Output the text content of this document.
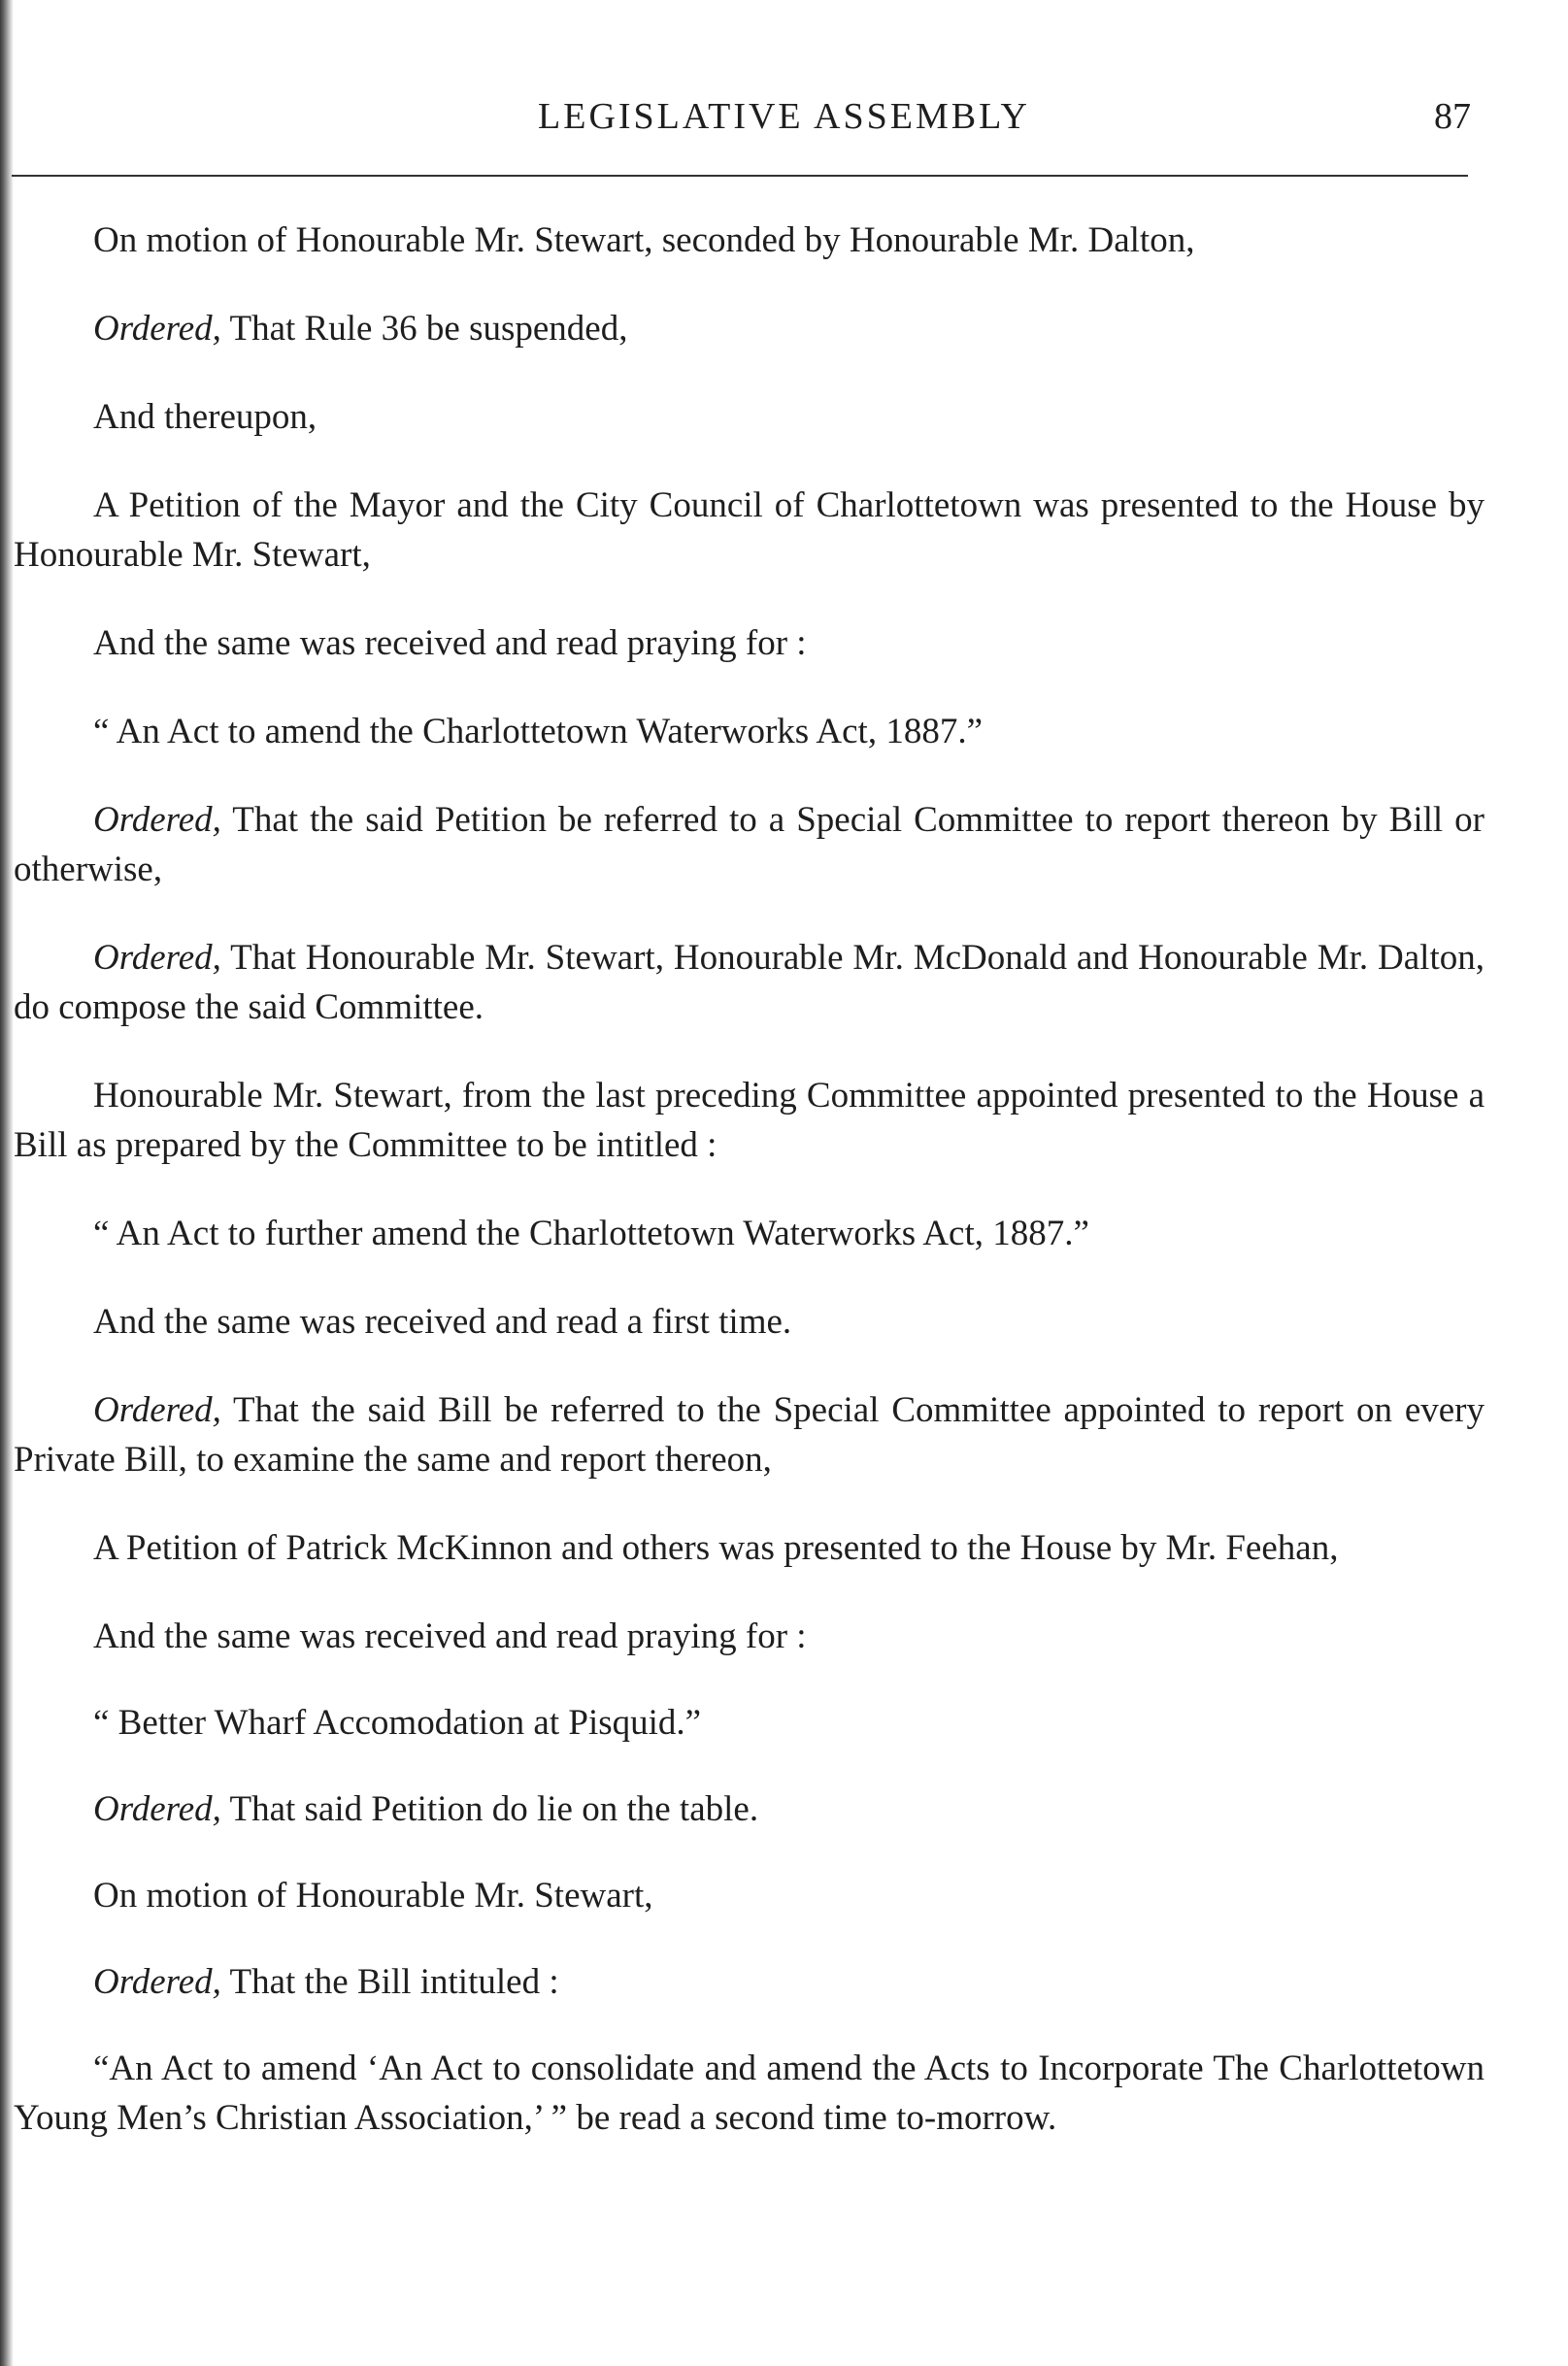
LEGISLATIVE ASSEMBLY	87

On motion of Honourable Mr. Stewart, seconded by Honourable Mr. Dalton,

Ordered, That Rule 36 be suspended,

And thereupon,

A Petition of the Mayor and the City Council of Charlottetown was presented to the House by Honourable Mr. Stewart,

And the same was received and read praying for :

“ An Act to amend the Charlottetown Waterworks Act, 1887.”

Ordered, That the said Petition be referred to a Special Committee to report thereon by Bill or otherwise,

Ordered, That Honourable Mr. Stewart, Honourable Mr. McDonald and Honourable Mr. Dalton, do compose the said Committee.

Honourable Mr. Stewart, from the last preceding Committee appointed presented to the House a Bill as prepared by the Committee to be intitled :

“ An Act to further amend the Charlottetown Waterworks Act, 1887.”

And the same was received and read a first time.

Ordered, That the said Bill be referred to the Special Committee appointed to report on every Private Bill, to examine the same and report thereon,

A Petition of Patrick McKinnon and others was presented to the House by Mr. Feehan,

And the same was received and read praying for :

“ Better Wharf Accomodation at Pisquid.”

Ordered, That said Petition do lie on the table.

On motion of Honourable Mr. Stewart,

Ordered, That the Bill intituled :

“An Act to amend ‘An Act to consolidate and amend the Acts to Incorporate The Charlottetown Young Men’s Christian Association,’ ” be read a second time to-morrow.
